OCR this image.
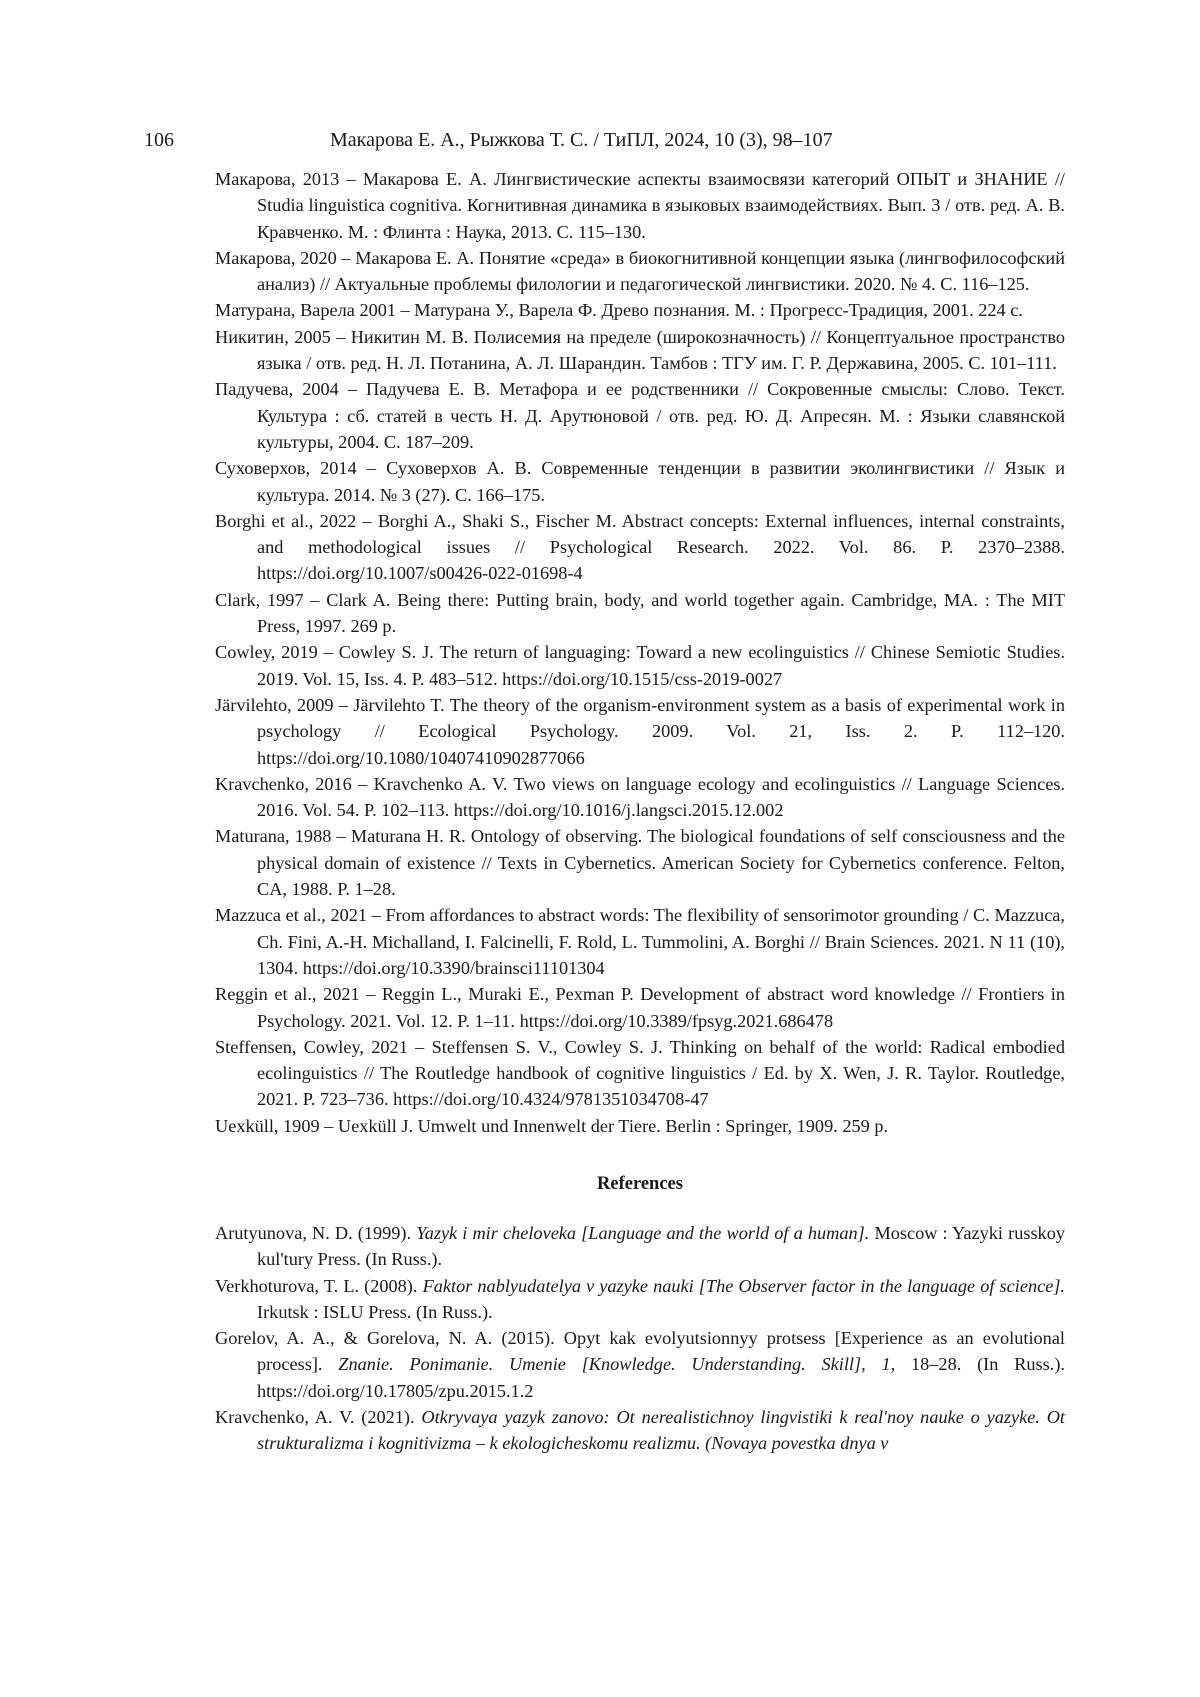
106	Макарова Е. А., Рыжкова Т. С. / ТиПЛ, 2024, 10 (3), 98–107
Макарова, 2013 – Макарова Е. А. Лингвистические аспекты взаимосвязи категорий ОПЫТ и ЗНАНИЕ // Studia linguistica cognitiva. Когнитивная динамика в языковых взаимодействиях. Вып. 3 / отв. ред. А. В. Кравченко. М. : Флинта : Наука, 2013. С. 115–130.
Макарова, 2020 – Макарова Е. А. Понятие «среда» в биокогнитивной концепции языка (лингвофилософский анализ) // Актуальные проблемы филологии и педагогической лингвистики. 2020. № 4. С. 116–125.
Матурана, Варела 2001 – Матурана У., Варела Ф. Древо познания. М. : Прогресс-Традиция, 2001. 224 с.
Никитин, 2005 – Никитин М. В. Полисемия на пределе (широкозначность) // Концептуальное пространство языка / отв. ред. Н. Л. Потанина, А. Л. Шарандин. Тамбов : ТГУ им. Г. Р. Державина, 2005. С. 101–111.
Падучева, 2004 – Падучева Е. В. Метафора и ее родственники // Сокровенные смыслы: Слово. Текст. Культура : сб. статей в честь Н. Д. Арутюновой / отв. ред. Ю. Д. Апресян. М. : Языки славянской культуры, 2004. С. 187–209.
Суховерхов, 2014 – Суховерхов А. В. Современные тенденции в развитии эколингвистики // Язык и культура. 2014. № 3 (27). С. 166–175.
Borghi et al., 2022 – Borghi A., Shaki S., Fischer M. Abstract concepts: External influences, internal constraints, and methodological issues // Psychological Research. 2022. Vol. 86. P. 2370–2388. https://doi.org/10.1007/s00426-022-01698-4
Clark, 1997 – Clark A. Being there: Putting brain, body, and world together again. Cambridge, MA. : The MIT Press, 1997. 269 p.
Cowley, 2019 – Cowley S. J. The return of languaging: Toward a new ecolinguistics // Chinese Semiotic Studies. 2019. Vol. 15, Iss. 4. P. 483–512. https://doi.org/10.1515/css-2019-0027
Järvilehto, 2009 – Järvilehto T. The theory of the organism-environment system as a basis of experimental work in psychology // Ecological Psychology. 2009. Vol. 21, Iss. 2. P. 112–120. https://doi.org/10.1080/10407410902877066
Kravchenko, 2016 – Kravchenko A. V. Two views on language ecology and ecolinguistics // Language Sciences. 2016. Vol. 54. P. 102–113. https://doi.org/10.1016/j.langsci.2015.12.002
Maturana, 1988 – Maturana H. R. Ontology of observing. The biological foundations of self consciousness and the physical domain of existence // Texts in Cybernetics. American Society for Cybernetics conference. Felton, CA, 1988. P. 1–28.
Mazzuca et al., 2021 – From affordances to abstract words: The flexibility of sensorimotor grounding / C. Mazzuca, Ch. Fini, A.-H. Michalland, I. Falcinelli, F. Rold, L. Tummolini, A. Borghi // Brain Sciences. 2021. N 11 (10), 1304. https://doi.org/10.3390/brainsci11101304
Reggin et al., 2021 – Reggin L., Muraki E., Pexman P. Development of abstract word knowledge // Frontiers in Psychology. 2021. Vol. 12. P. 1–11. https://doi.org/10.3389/fpsyg.2021.686478
Steffensen, Cowley, 2021 – Steffensen S. V., Cowley S. J. Thinking on behalf of the world: Radical embodied ecolinguistics // The Routledge handbook of cognitive linguistics / Ed. by X. Wen, J. R. Taylor. Routledge, 2021. P. 723–736. https://doi.org/10.4324/9781351034708-47
Uexküll, 1909 – Uexküll J. Umwelt und Innenwelt der Tiere. Berlin : Springer, 1909. 259 p.
References
Arutyunova, N. D. (1999). Yazyk i mir cheloveka [Language and the world of a human]. Moscow : Yazyki russkoy kul'tury Press. (In Russ.).
Verkhoturova, T. L. (2008). Faktor nablyudatelya v yazyke nauki [The Observer factor in the language of science]. Irkutsk : ISLU Press. (In Russ.).
Gorelov, A. A., & Gorelova, N. A. (2015). Opyt kak evolyutsionnyy protsess [Experience as an evolutional process]. Znanie. Ponimanie. Umenie [Knowledge. Understanding. Skill], 1, 18–28. (In Russ.). https://doi.org/10.17805/zpu.2015.1.2
Kravchenko, A. V. (2021). Otkryvaya yazyk zanovo: Ot nerealistichnoy lingvistiki k real'noy nauke o yazyke. Ot strukturalizma i kognitivizma – k ekologicheskomu realizmu. (Novaya povestka dnya v
